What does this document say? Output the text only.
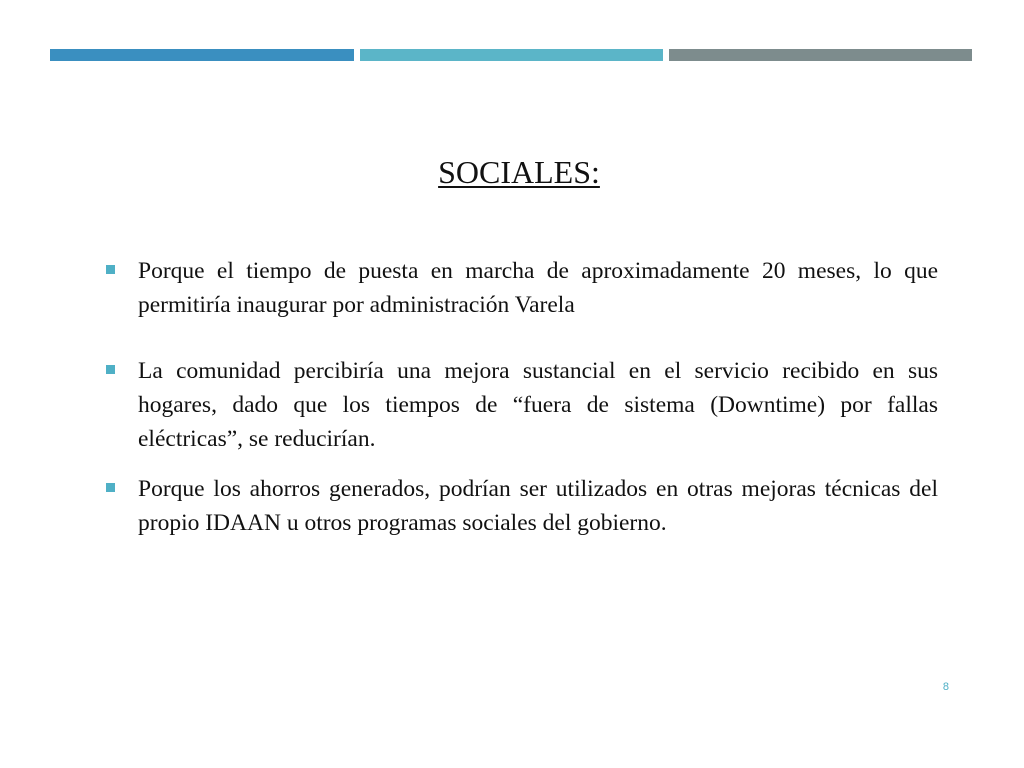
SOCIALES:
Porque el tiempo de puesta en marcha de aproximadamente 20 meses, lo que permitiría inaugurar por administración Varela
La comunidad percibiría una mejora sustancial en el servicio recibido en sus hogares, dado que los tiempos de “fuera de sistema (Downtime) por fallas eléctricas”, se reducirían.
Porque los ahorros generados, podrían ser utilizados en otras mejoras técnicas del propio IDAAN u otros programas sociales del gobierno.
8
